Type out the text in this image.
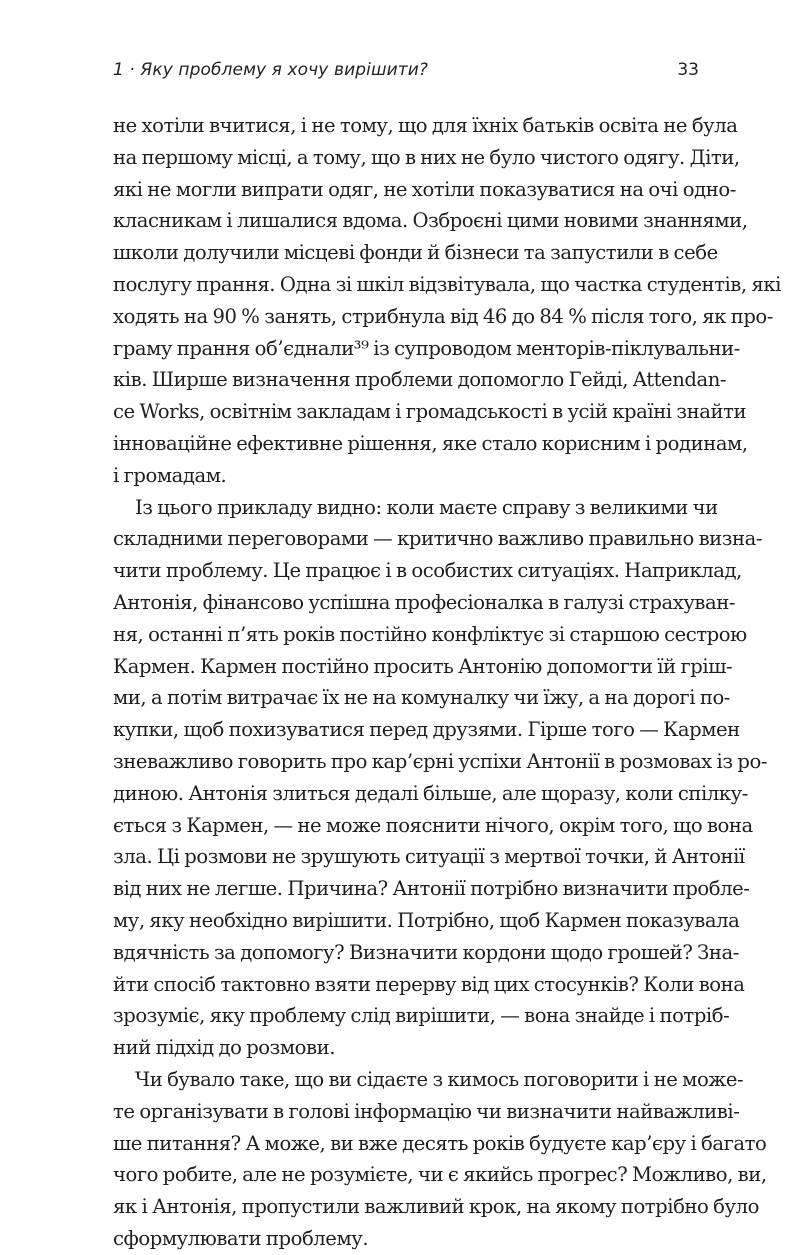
1 · Яку проблему я хочу вирішити?	33
не хотіли вчитися, і не тому, що для їхніх батьків освіта не була
на першому місці, а тому, що в них не було чистого одягу. Діти,
які не могли випрати одяг, не хотіли показуватися на очі одно-
класникам і лишалися вдома. Озброєні цими новими знаннями,
школи долучили місцеві фонди й бізнеси та запустили в себе
послугу прання. Одна зі шкіл відзвітувала, що частка студентів, які
ходять на 90 % занять, стрибнула від 46 до 84 % після того, як про-
граму прання об’єднали³⁹ із супроводом менторів-піклувальни-
ків. Ширше визначення проблеми допомогло Гейді, Attendan-
ce Works, освітнім закладам і громадськості в усій країні знайти
інноваційне ефективне рішення, яке стало корисним і родинам,
і громадам.
Із цього прикладу видно: коли маєте справу з великими чи
складними переговорами — критично важливо правильно визна-
чити проблему. Це працює і в особистих ситуаціях. Наприклад,
Антонія, фінансово успішна професіоналка в галузі страхуван-
ня, останні п’ять років постійно конфліктує зі старшою сестрою
Кармен. Кармен постійно просить Антонію допомогти їй гріш-
ми, а потім витрачає їх не на комуналку чи їжу, а на дорогі по-
купки, щоб похизуватися перед друзями. Гірше того — Кармен
зневажливо говорить про кар’єрні успіхи Антонії в розмовах із ро-
диною. Антонія злиться дедалі більше, але щоразу, коли спілку-
ється з Кармен, — не може пояснити нічого, окрім того, що вона
зла. Ці розмови не зрушують ситуації з мертвої точки, й Антонії
від них не легше. Причина? Антонії потрібно визначити пробле-
му, яку необхідно вирішити. Потрібно, щоб Кармен показувала
вдячність за допомогу? Визначити кордони щодо грошей? Зна-
йти спосіб тактовно взяти перерву від цих стосунків? Коли вона
зрозуміє, яку проблему слід вирішити, — вона знайде і потріб-
ний підхід до розмови.
Чи бувало таке, що ви сідаєте з кимось поговорити і не може-
те організувати в голові інформацію чи визначити найважливі-
ше питання? А може, ви вже десять років будуєте кар’єру і багато
чого робите, але не розумієте, чи є якийсь прогрес? Можливо, ви,
як і Антонія, пропустили важливий крок, на якому потрібно було
сформулювати проблему.
